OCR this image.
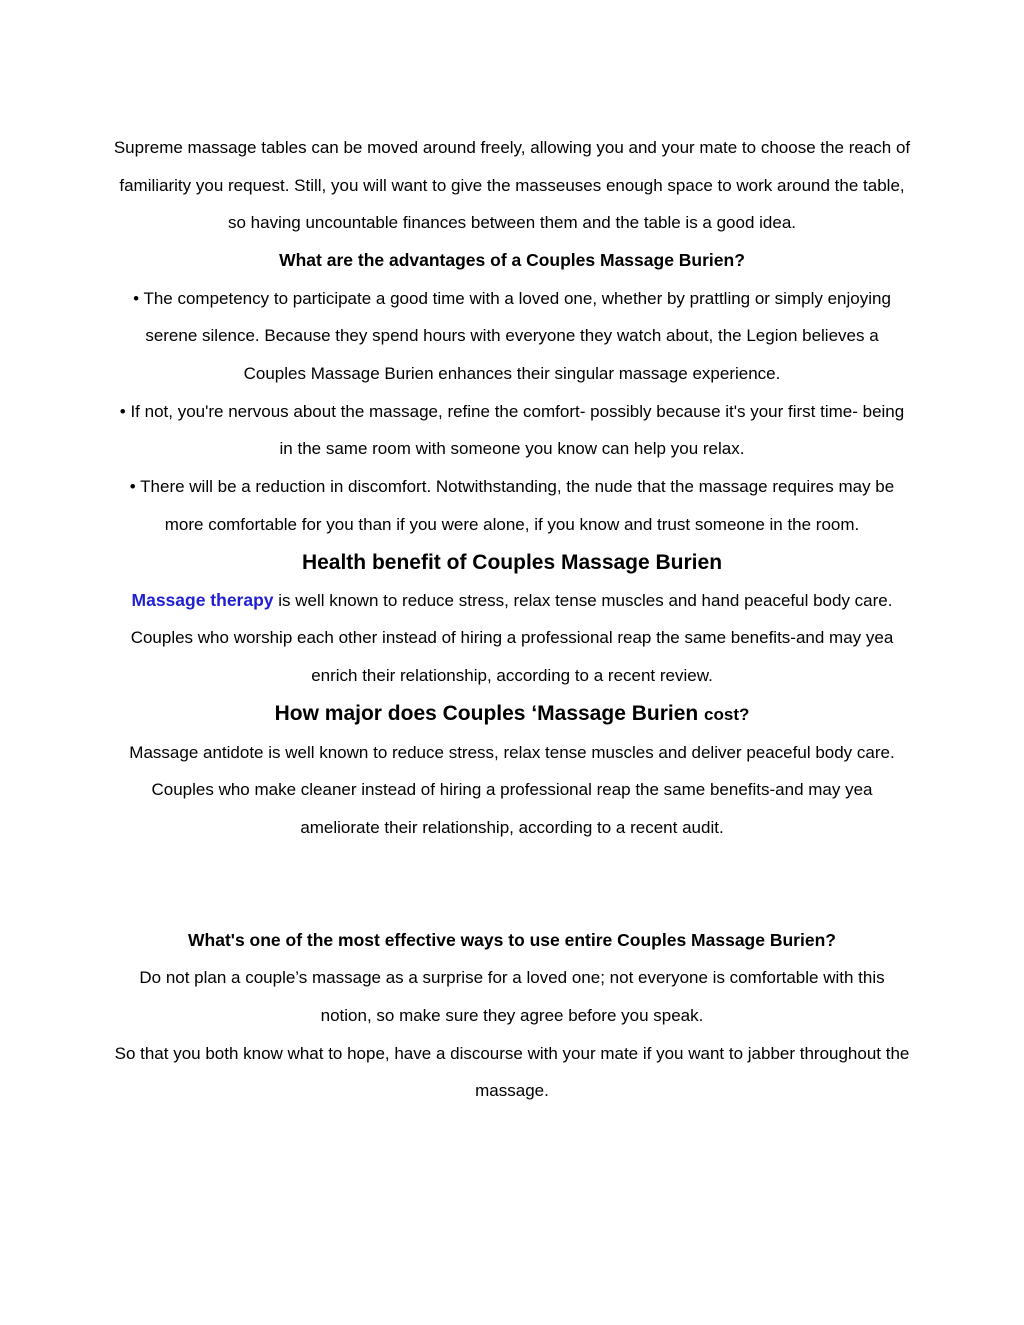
Supreme massage tables can be moved around freely, allowing you and your mate to choose the reach of familiarity you request. Still, you will want to give the masseuses enough space to work around the table, so having uncountable finances between them and the table is a good idea.

What are the advantages of a Couples Massage Burien?

• The competency to participate a good time with a loved one, whether by prattling or simply enjoying serene silence. Because they spend hours with everyone they watch about, the Legion believes a Couples Massage Burien enhances their singular massage experience.

• If not, you're nervous about the massage, refine the comfort- possibly because it's your first time- being in the same room with someone you know can help you relax.

• There will be a reduction in discomfort. Notwithstanding, the nude that the massage requires may be more comfortable for you than if you were alone, if you know and trust someone in the room.

Health benefit of Couples Massage Burien

Massage therapy is well known to reduce stress, relax tense muscles and hand peaceful body care. Couples who worship each other instead of hiring a professional reap the same benefits-and may yea enrich their relationship, according to a recent review.

How major does Couples ‘Massage Burien cost?

Massage antidote is well known to reduce stress, relax tense muscles and deliver peaceful body care. Couples who make cleaner instead of hiring a professional reap the same benefits-and may yea ameliorate their relationship, according to a recent audit.

What's one of the most effective ways to use entire Couples Massage Burien?

Do not plan a couple’s massage as a surprise for a loved one; not everyone is comfortable with this notion, so make sure they agree before you speak.

So that you both know what to hope, have a discourse with your mate if you want to jabber throughout the massage.
